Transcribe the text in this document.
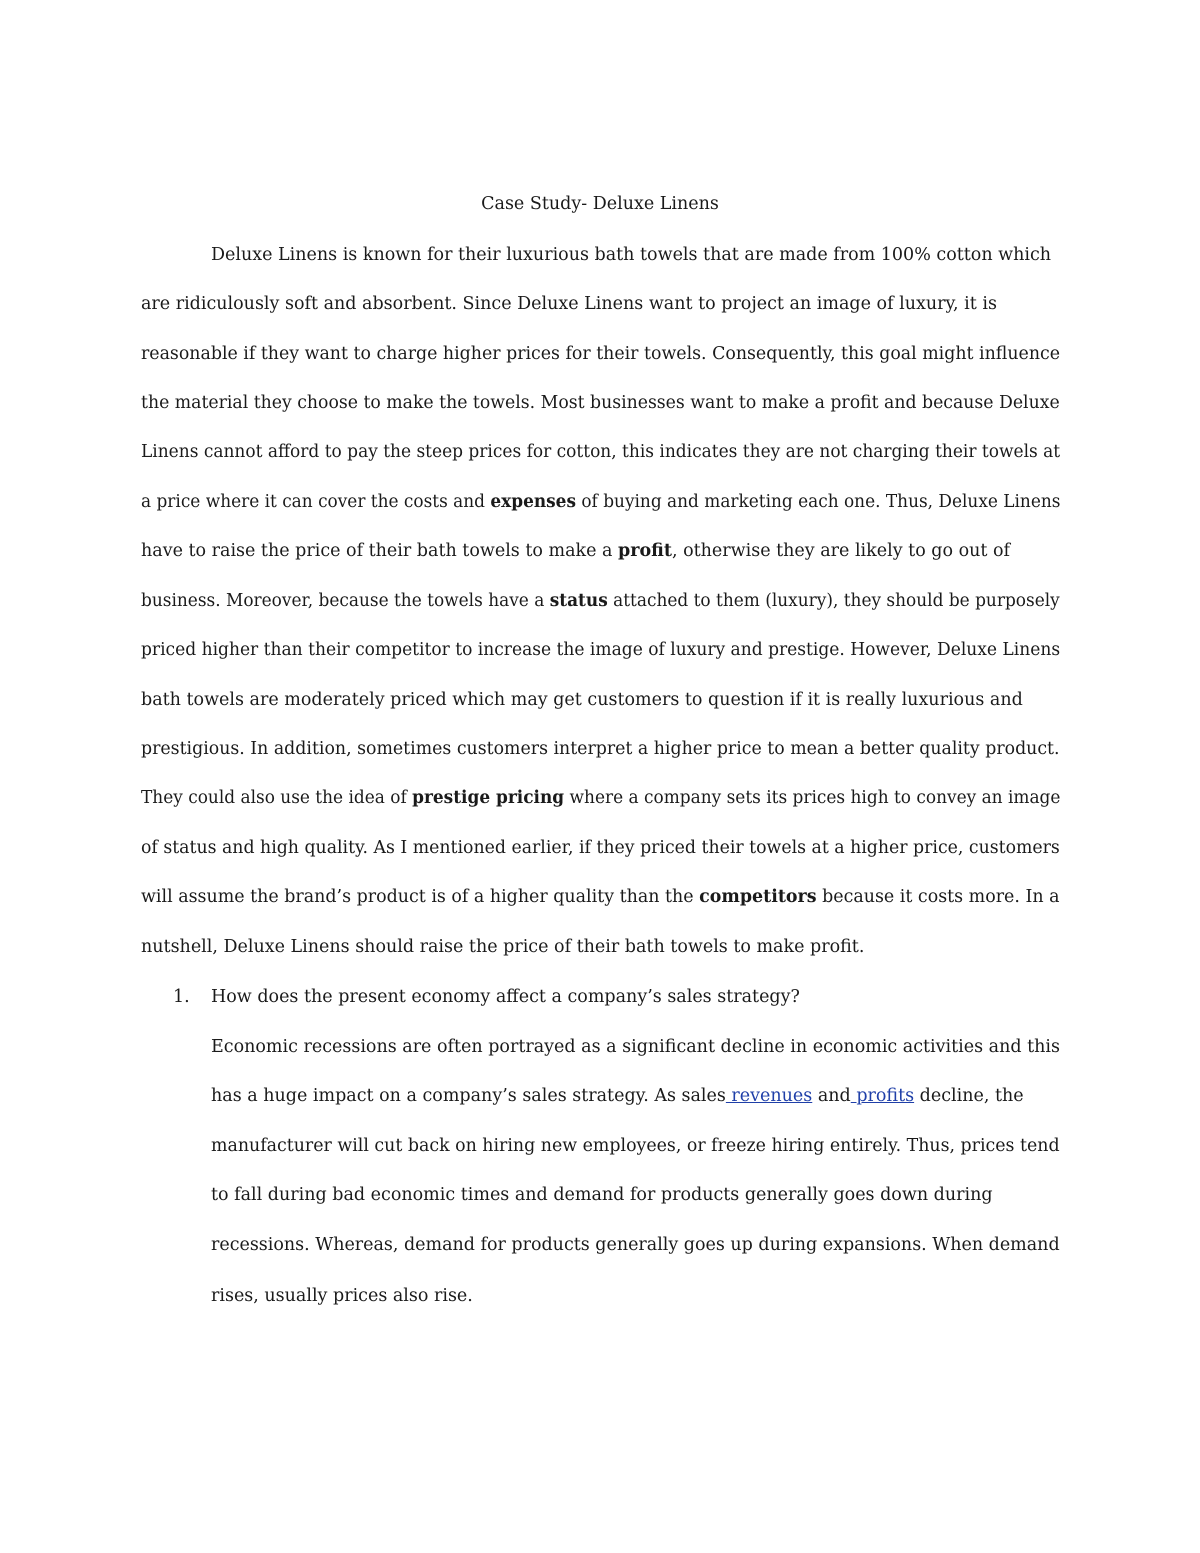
Case Study- Deluxe Linens
Deluxe Linens is known for their luxurious bath towels that are made from 100% cotton which
are ridiculously soft and absorbent. Since Deluxe Linens want to project an image of luxury, it is
reasonable if they want to charge higher prices for their towels. Consequently, this goal might influence
the material they choose to make the towels. Most businesses want to make a profit and because Deluxe
Linens cannot afford to pay the steep prices for cotton, this indicates they are not charging their towels at
a price where it can cover the costs and expenses of buying and marketing each one. Thus, Deluxe Linens
have to raise the price of their bath towels to make a profit, otherwise they are likely to go out of
business. Moreover, because the towels have a status attached to them (luxury), they should be purposely
priced higher than their competitor to increase the image of luxury and prestige. However, Deluxe Linens
bath towels are moderately priced which may get customers to question if it is really luxurious and
prestigious. In addition, sometimes customers interpret a higher price to mean a better quality product.
They could also use the idea of prestige pricing where a company sets its prices high to convey an image
of status and high quality. As I mentioned earlier, if they priced their towels at a higher price, customers
will assume the brand’s product is of a higher quality than the competitors because it costs more. In a
nutshell, Deluxe Linens should raise the price of their bath towels to make profit.
1. How does the present economy affect a company’s sales strategy?
Economic recessions are often portrayed as a significant decline in economic activities and this
has a huge impact on a company’s sales strategy. As sales revenues and profits decline, the
manufacturer will cut back on hiring new employees, or freeze hiring entirely. Thus, prices tend
to fall during bad economic times and demand for products generally goes down during
recessions. Whereas, demand for products generally goes up during expansions. When demand
rises, usually prices also rise.
